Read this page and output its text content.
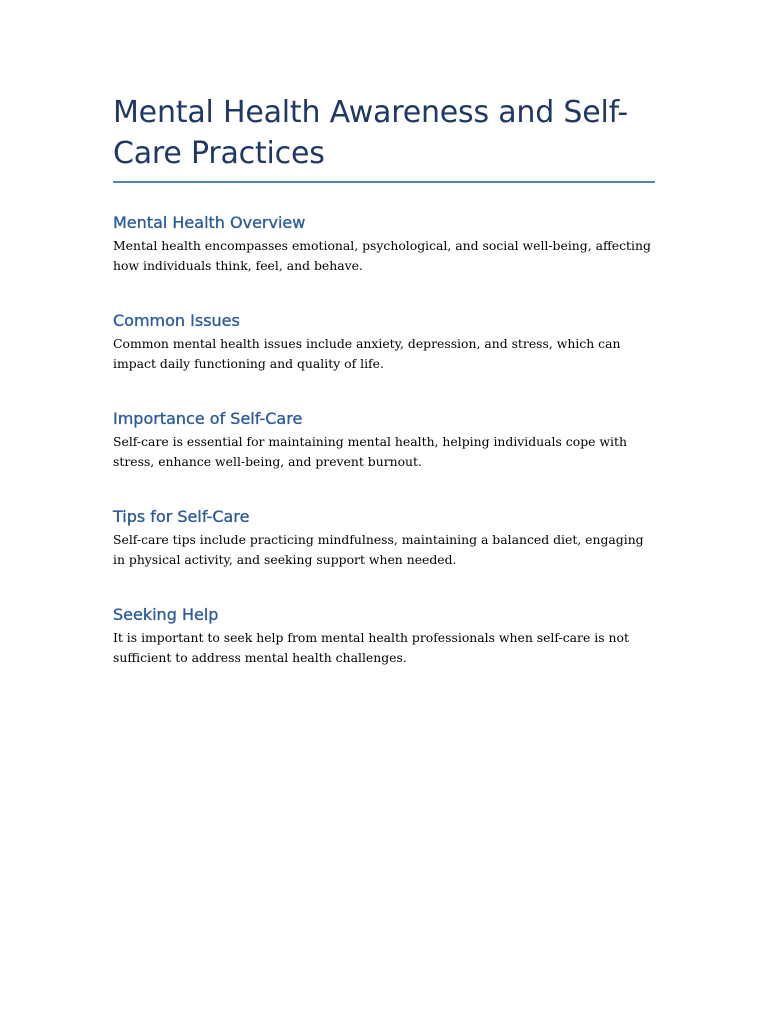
Mental Health Awareness and Self-Care Practices
Mental Health Overview

Mental health encompasses emotional, psychological, and social well-being, affecting how individuals think, feel, and behave.

Common Issues

Common mental health issues include anxiety, depression, and stress, which can impact daily functioning and quality of life.

Importance of Self-Care

Self-care is essential for maintaining mental health, helping individuals cope with stress, enhance well-being, and prevent burnout.

Tips for Self-Care

Self-care tips include practicing mindfulness, maintaining a balanced diet, engaging in physical activity, and seeking support when needed.

Seeking Help

It is important to seek help from mental health professionals when self-care is not sufficient to address mental health challenges.
